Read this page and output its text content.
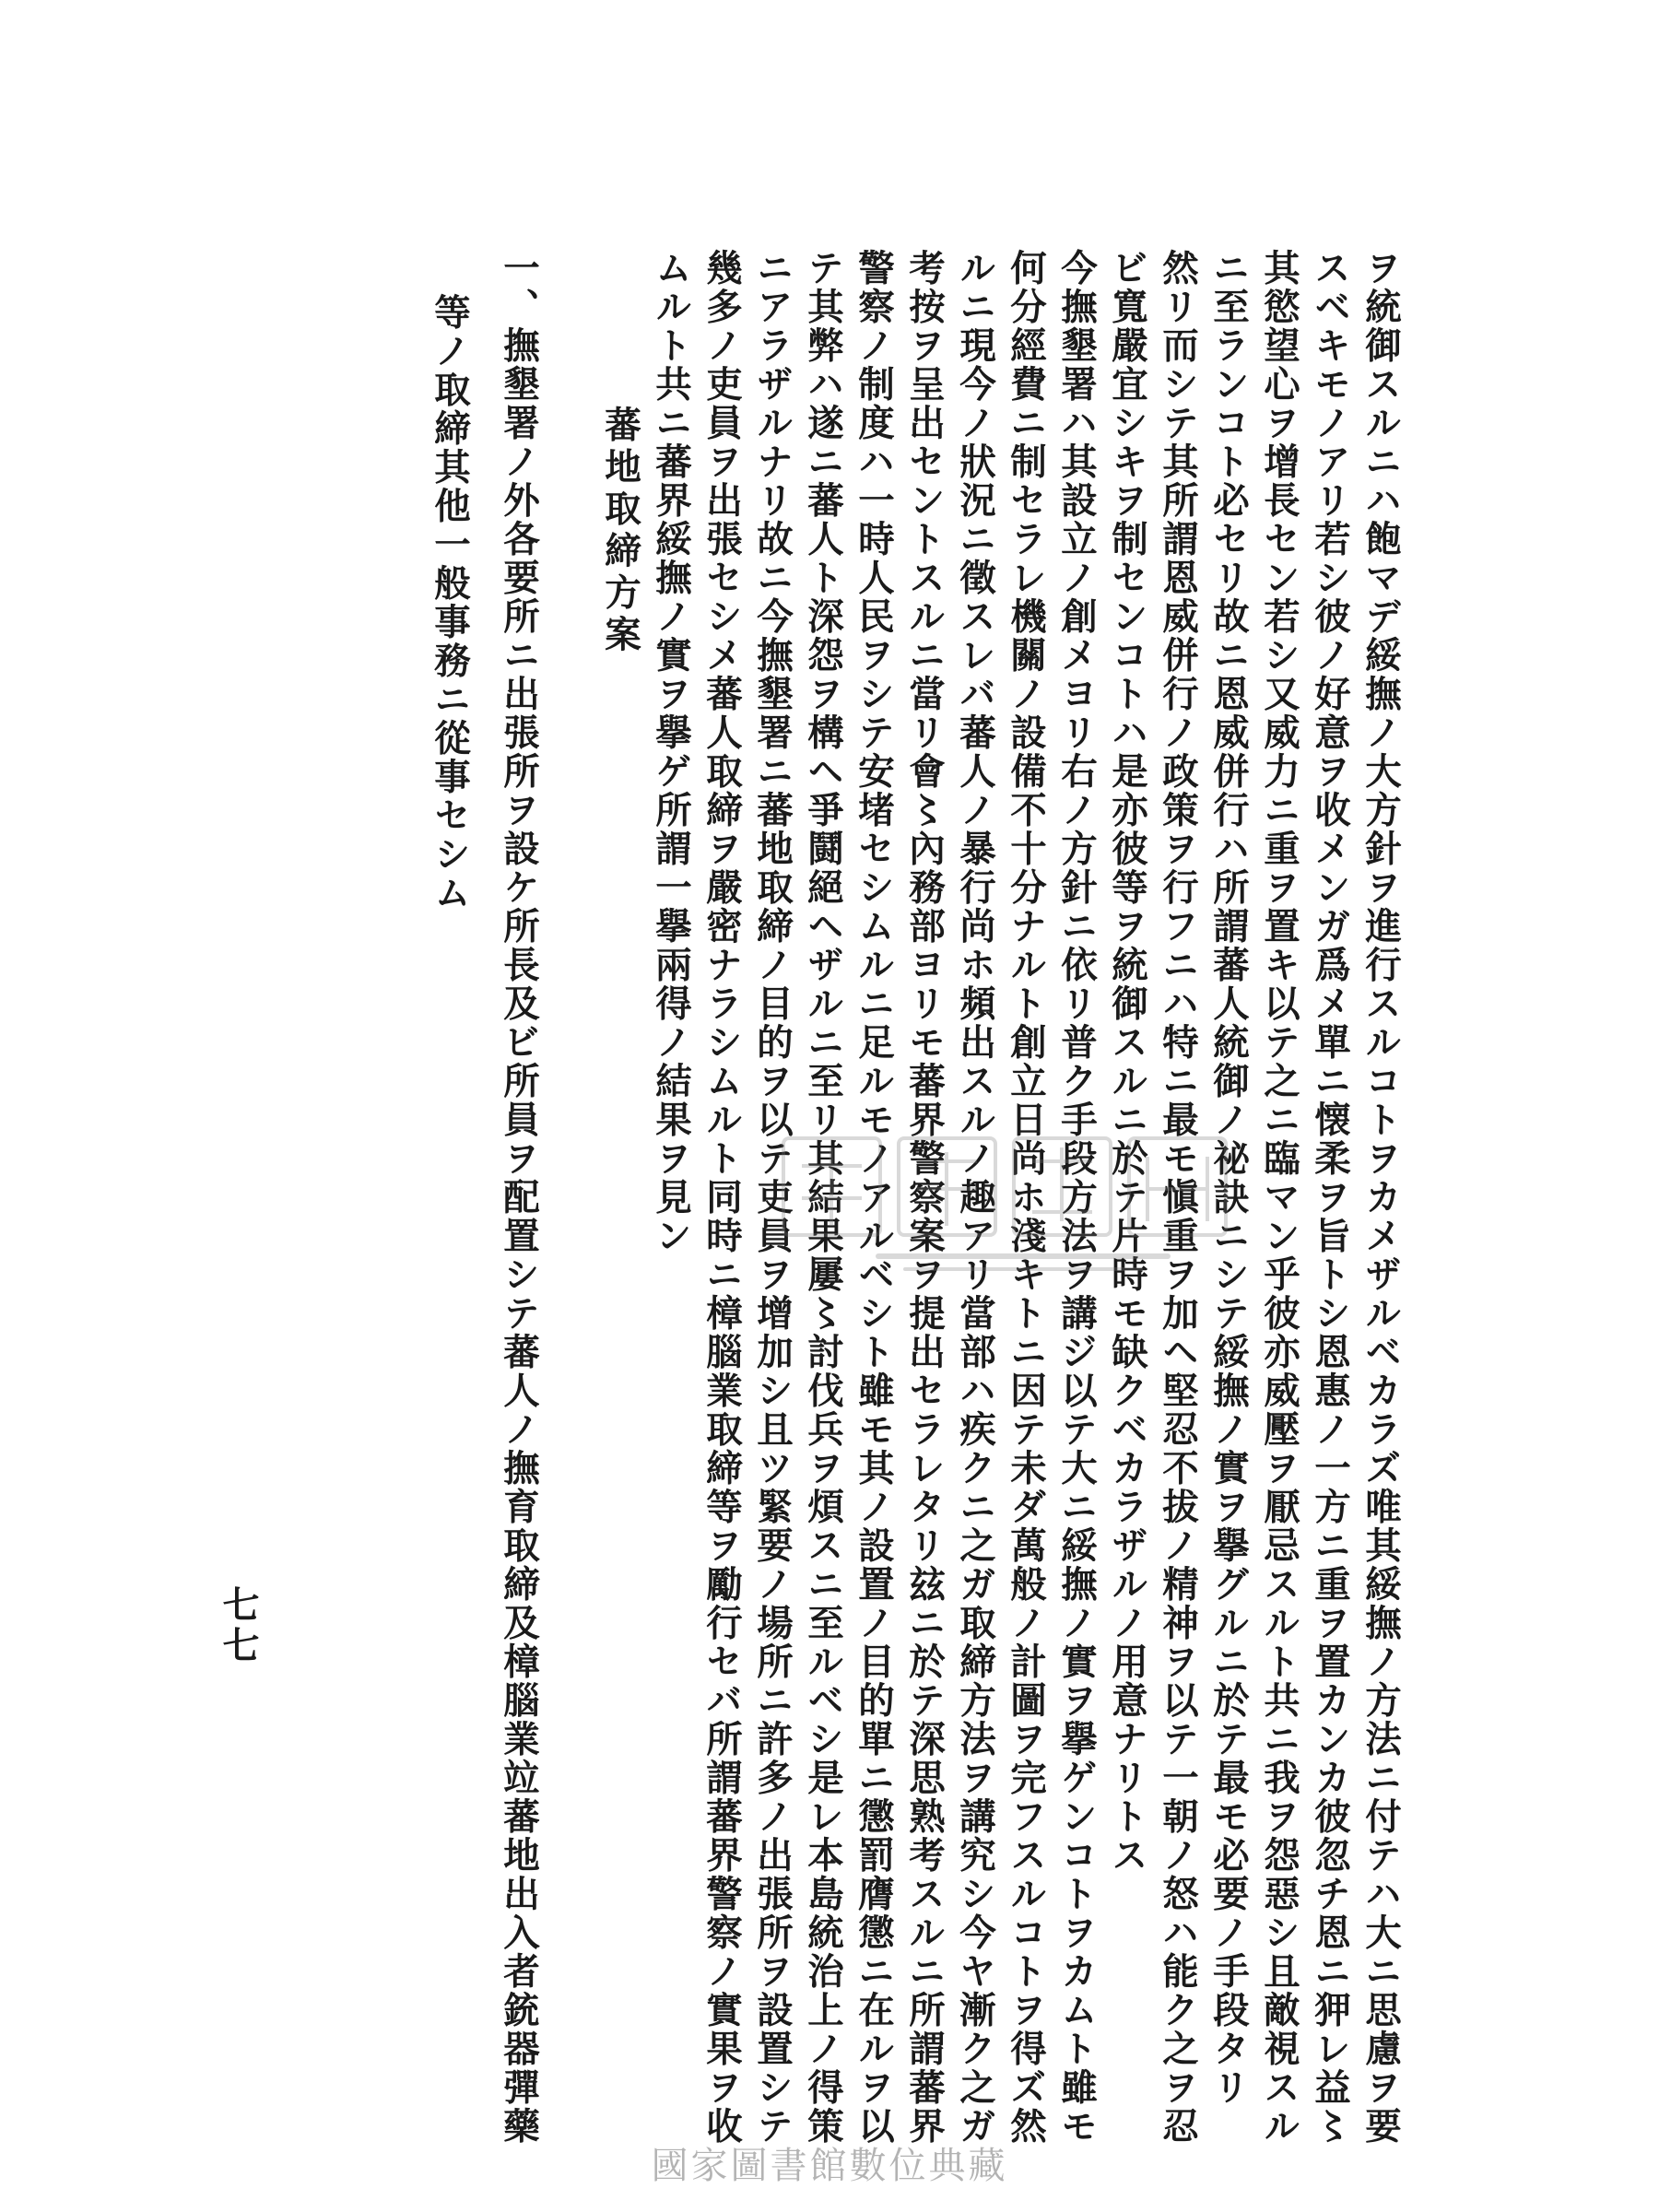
ヲ統御スルニハ飽マデ綏撫ノ大方針ヲ進行スルコトヲカメザルベカラズ唯其綏撫ノ方法ニ付テハ大ニ思慮ヲ要
スベキモノアリ若シ彼ノ好意ヲ收メンガ爲メ單ニ懐柔ヲ旨トシ恩惠ノ一方ニ重ヲ置カンカ彼忽チ恩ニ狎レ益〻
其慾望心ヲ增長セン若シ又威力ニ重ヲ置キ以テ之ニ臨マン乎彼亦威壓ヲ厭忌スルト共ニ我ヲ怨惡シ且敵視スル
ニ至ランコト必セリ故ニ恩威併行ハ所謂蕃人統御ノ祕訣ニシテ綏撫ノ實ヲ擧グルニ於テ最モ必要ノ手段タリ
然リ而シテ其所謂恩威併行ノ政策ヲ行フニハ特ニ最モ愼重ヲ加ヘ堅忍不拔ノ精神ヲ以テ一朝ノ怒ハ能ク之ヲ忍
ビ寬嚴宜シキヲ制センコトハ是亦彼等ヲ統御スルニ於テ片時モ缺クベカラザルノ用意ナリトス
今撫墾署ハ其設立ノ創メヨリ右ノ方針ニ依リ普ク手段方法ヲ講ジ以テ大ニ綏撫ノ實ヲ擧ゲンコトヲカムト雖モ
何分經費ニ制セラレ機關ノ設備不十分ナルト創立日尚ホ淺キトニ因テ未ダ萬般ノ計圖ヲ完フスルコトヲ得ズ然
ルニ現今ノ狀況ニ徵スレバ蕃人ノ暴行尚ホ頻出スルノ趣アリ當部ハ疾クニ之ガ取締方法ヲ講究シ今ヤ漸ク之ガ
考按ヲ呈出セントスルニ當リ會〻內務部ヨリモ蕃界警察案ヲ提出セラレタリ玆ニ於テ深思熟考スルニ所謂蕃界
警察ノ制度ハ一時人民ヲシテ安堵セシムルニ足ルモノアルベシト雖モ其ノ設置ノ目的單ニ懲罰膺懲ニ在ルヲ以
テ其弊ハ遂ニ蕃人ト深怨ヲ構ヘ爭鬪絕ヘザルニ至リ其結果屢〻討伐兵ヲ煩スニ至ルベシ是レ本島統治上ノ得策
ニアラザルナリ故ニ今撫墾署ニ蕃地取締ノ目的ヲ以テ吏員ヲ增加シ且ツ緊要ノ場所ニ許多ノ出張所ヲ設置シテ
幾多ノ吏員ヲ出張セシメ蕃人取締ヲ嚴密ナラシムルト同時ニ樟腦業取締等ヲ勵行セバ所謂蕃界警察ノ實果ヲ收
ムルト共ニ蕃界綏撫ノ實ヲ擧ゲ所謂一擧兩得ノ結果ヲ見ン
蕃地取締方案
一、撫墾署ノ外各要所ニ出張所ヲ設ケ所長及ビ所員ヲ配置シテ蕃人ノ撫育取締及樟腦業竝蕃地出入者銃器彈藥
等ノ取締其他一般事務ニ從事セシム
七七
國家圖書館數位典藏
